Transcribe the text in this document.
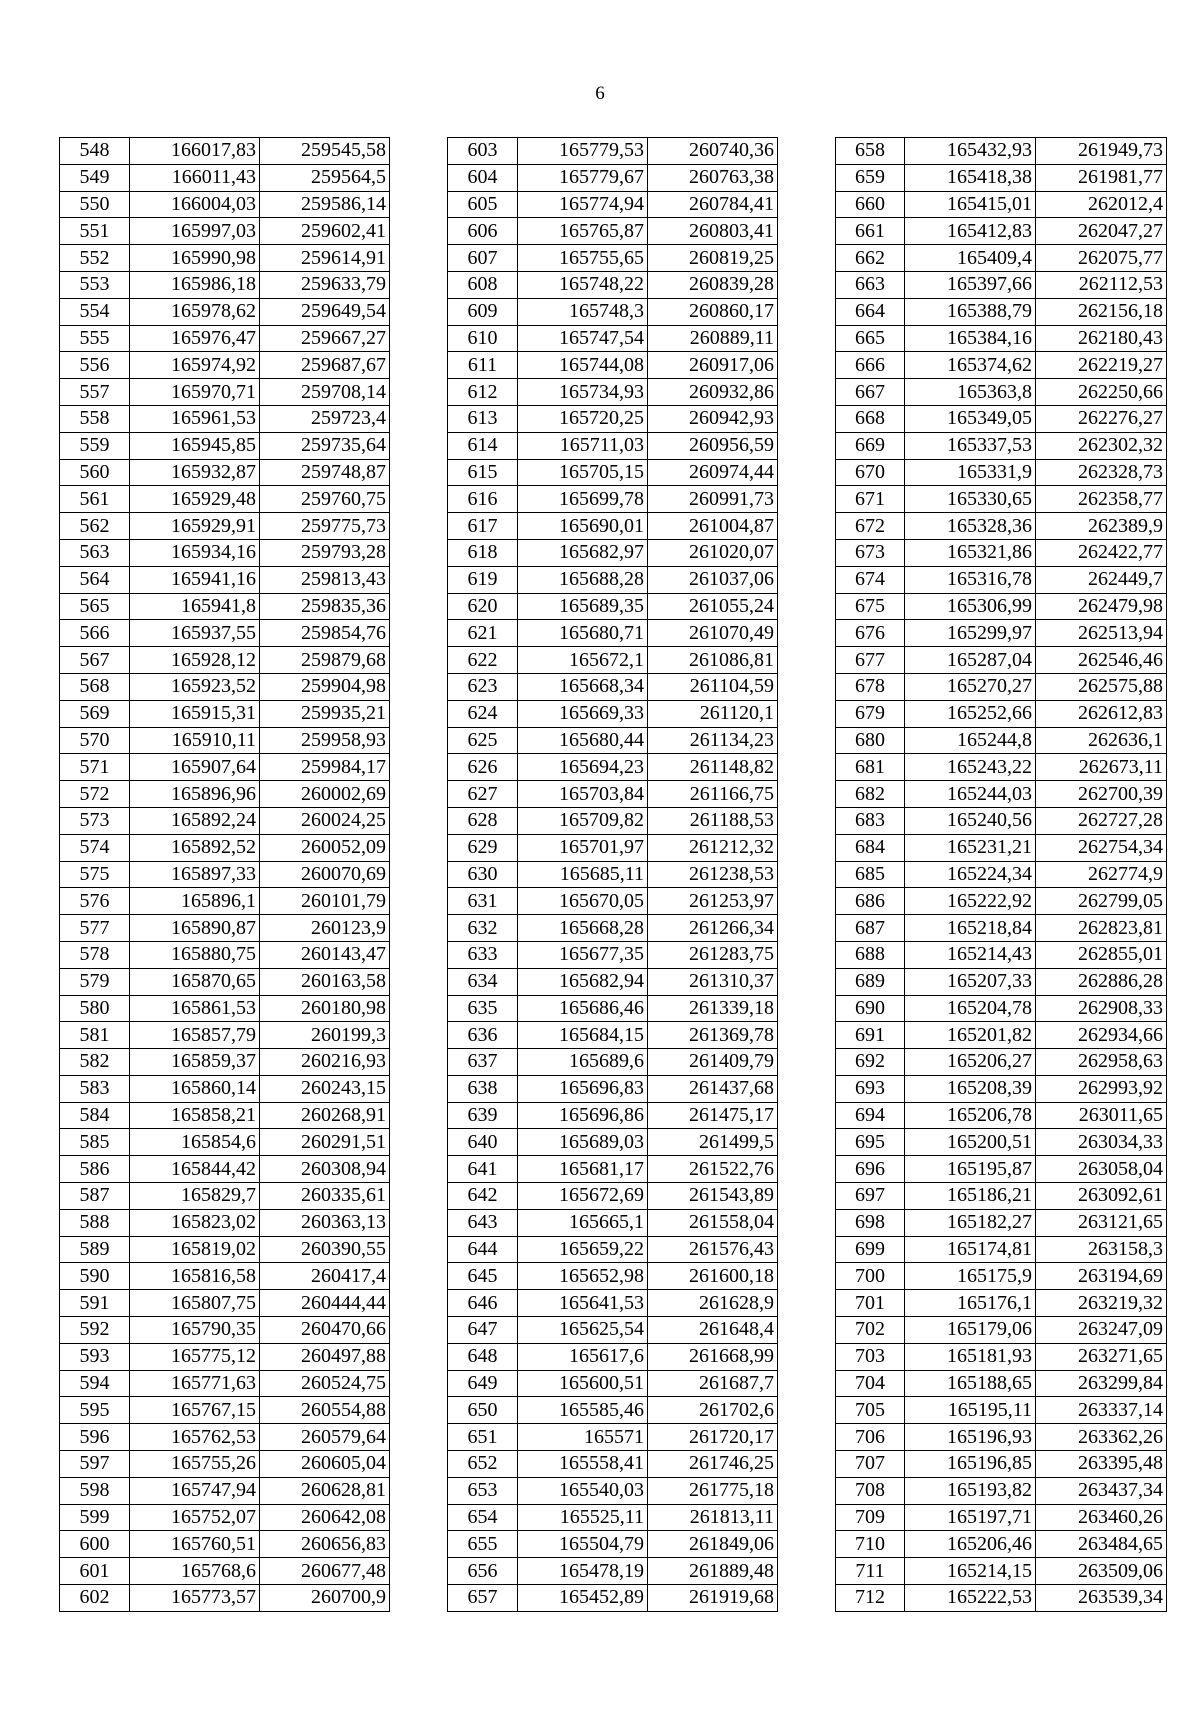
6
548	166017,83	259545,58
549	166011,43	259564,5
550	166004,03	259586,14
551	165997,03	259602,41
552	165990,98	259614,91
553	165986,18	259633,79
554	165978,62	259649,54
555	165976,47	259667,27
556	165974,92	259687,67
557	165970,71	259708,14
558	165961,53	259723,4
559	165945,85	259735,64
560	165932,87	259748,87
561	165929,48	259760,75
562	165929,91	259775,73
563	165934,16	259793,28
564	165941,16	259813,43
565	165941,8	259835,36
566	165937,55	259854,76
567	165928,12	259879,68
568	165923,52	259904,98
569	165915,31	259935,21
570	165910,11	259958,93
571	165907,64	259984,17
572	165896,96	260002,69
573	165892,24	260024,25
574	165892,52	260052,09
575	165897,33	260070,69
576	165896,1	260101,79
577	165890,87	260123,9
578	165880,75	260143,47
579	165870,65	260163,58
580	165861,53	260180,98
581	165857,79	260199,3
582	165859,37	260216,93
583	165860,14	260243,15
584	165858,21	260268,91
585	165854,6	260291,51
586	165844,42	260308,94
587	165829,7	260335,61
588	165823,02	260363,13
589	165819,02	260390,55
590	165816,58	260417,4
591	165807,75	260444,44
592	165790,35	260470,66
593	165775,12	260497,88
594	165771,63	260524,75
595	165767,15	260554,88
596	165762,53	260579,64
597	165755,26	260605,04
598	165747,94	260628,81
599	165752,07	260642,08
600	165760,51	260656,83
601	165768,6	260677,48
602	165773,57	260700,9
603	165779,53	260740,36
604	165779,67	260763,38
605	165774,94	260784,41
606	165765,87	260803,41
607	165755,65	260819,25
608	165748,22	260839,28
609	165748,3	260860,17
610	165747,54	260889,11
611	165744,08	260917,06
612	165734,93	260932,86
613	165720,25	260942,93
614	165711,03	260956,59
615	165705,15	260974,44
616	165699,78	260991,73
617	165690,01	261004,87
618	165682,97	261020,07
619	165688,28	261037,06
620	165689,35	261055,24
621	165680,71	261070,49
622	165672,1	261086,81
623	165668,34	261104,59
624	165669,33	261120,1
625	165680,44	261134,23
626	165694,23	261148,82
627	165703,84	261166,75
628	165709,82	261188,53
629	165701,97	261212,32
630	165685,11	261238,53
631	165670,05	261253,97
632	165668,28	261266,34
633	165677,35	261283,75
634	165682,94	261310,37
635	165686,46	261339,18
636	165684,15	261369,78
637	165689,6	261409,79
638	165696,83	261437,68
639	165696,86	261475,17
640	165689,03	261499,5
641	165681,17	261522,76
642	165672,69	261543,89
643	165665,1	261558,04
644	165659,22	261576,43
645	165652,98	261600,18
646	165641,53	261628,9
647	165625,54	261648,4
648	165617,6	261668,99
649	165600,51	261687,7
650	165585,46	261702,6
651	165571	261720,17
652	165558,41	261746,25
653	165540,03	261775,18
654	165525,11	261813,11
655	165504,79	261849,06
656	165478,19	261889,48
657	165452,89	261919,68
658	165432,93	261949,73
659	165418,38	261981,77
660	165415,01	262012,4
661	165412,83	262047,27
662	165409,4	262075,77
663	165397,66	262112,53
664	165388,79	262156,18
665	165384,16	262180,43
666	165374,62	262219,27
667	165363,8	262250,66
668	165349,05	262276,27
669	165337,53	262302,32
670	165331,9	262328,73
671	165330,65	262358,77
672	165328,36	262389,9
673	165321,86	262422,77
674	165316,78	262449,7
675	165306,99	262479,98
676	165299,97	262513,94
677	165287,04	262546,46
678	165270,27	262575,88
679	165252,66	262612,83
680	165244,8	262636,1
681	165243,22	262673,11
682	165244,03	262700,39
683	165240,56	262727,28
684	165231,21	262754,34
685	165224,34	262774,9
686	165222,92	262799,05
687	165218,84	262823,81
688	165214,43	262855,01
689	165207,33	262886,28
690	165204,78	262908,33
691	165201,82	262934,66
692	165206,27	262958,63
693	165208,39	262993,92
694	165206,78	263011,65
695	165200,51	263034,33
696	165195,87	263058,04
697	165186,21	263092,61
698	165182,27	263121,65
699	165174,81	263158,3
700	165175,9	263194,69
701	165176,1	263219,32
702	165179,06	263247,09
703	165181,93	263271,65
704	165188,65	263299,84
705	165195,11	263337,14
706	165196,93	263362,26
707	165196,85	263395,48
708	165193,82	263437,34
709	165197,71	263460,26
710	165206,46	263484,65
711	165214,15	263509,06
712	165222,53	263539,34
